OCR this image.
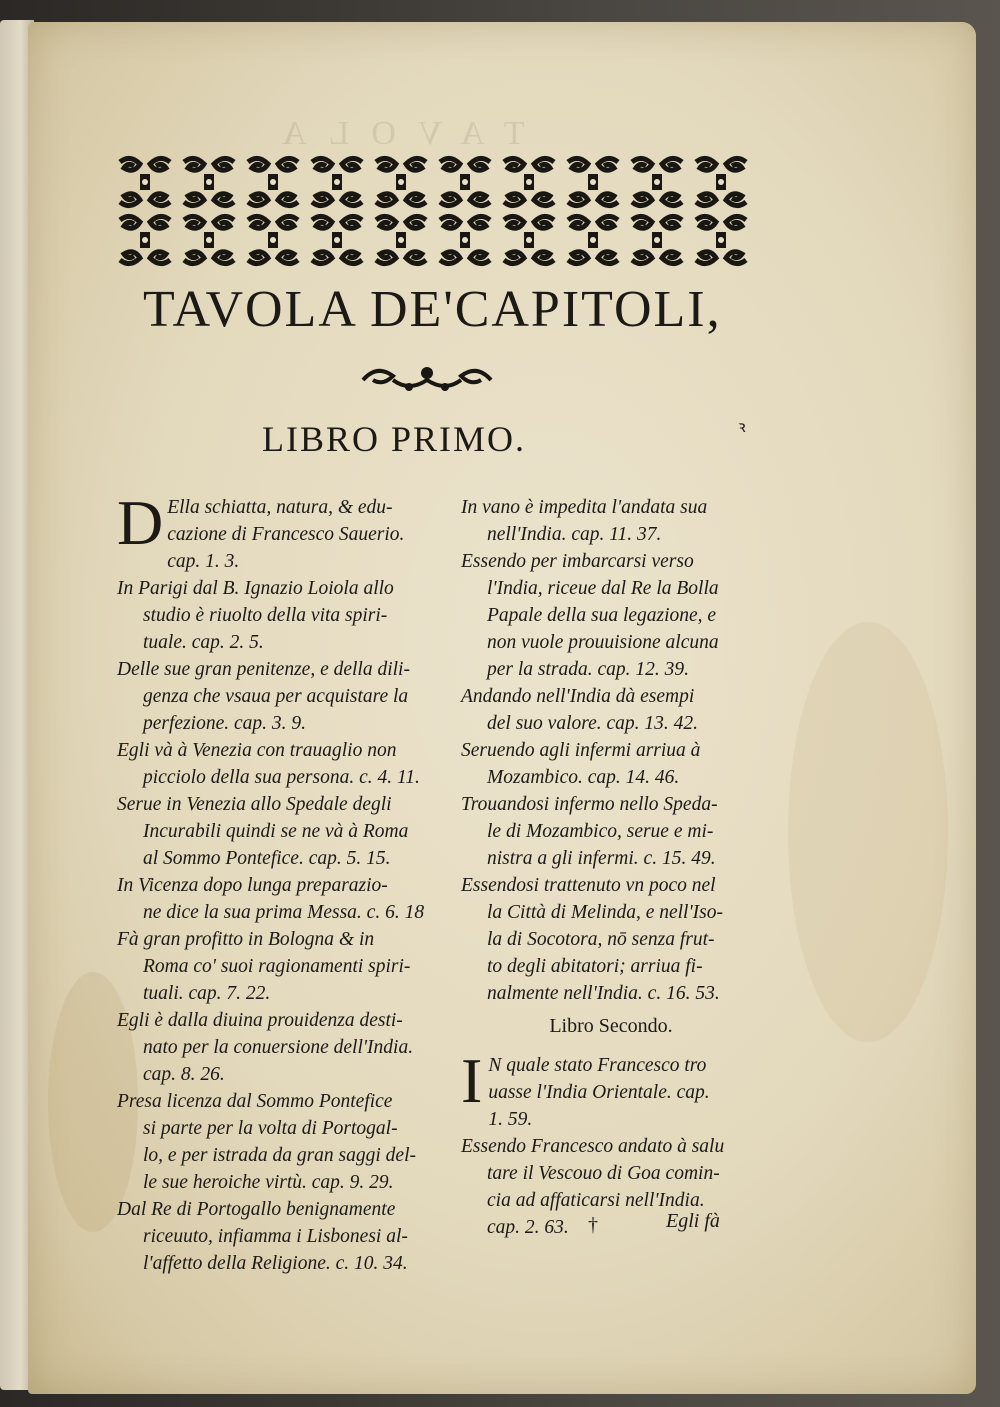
TAVOLA
TAVOLA DE'CAPITOLI,
LIBRO PRIMO.	ꝛ
D Ella schiatta, natura, & edu-
cazione di Francesco Sauerio.
cap. 1. 3.
In Parigi dal B. Ignazio Loiola allo
studio è riuolto della vita spiri-
tuale. cap. 2. 5.
Delle sue gran penitenze, e della dili-
genza che vsaua per acquistare la
perfezione. cap. 3. 9.
Egli và à Venezia con trauaglio non
picciolo della sua persona. c. 4. 11.
Serue in Venezia allo Spedale degli
Incurabili quindi se ne và à Roma
al Sommo Pontefice. cap. 5. 15.
In Vicenza dopo lunga preparazio-
ne dice la sua prima Messa. c. 6. 18
Fà gran profitto in Bologna & in
Roma co' suoi ragionamenti spiri-
tuali. cap. 7. 22.
Egli è dalla diuina prouidenza desti-
nato per la conuersione dell'India.
cap. 8. 26.
Presa licenza dal Sommo Pontefice
si parte per la volta di Portogal-
lo, e per istrada da gran saggi del-
le sue heroiche virtù. cap. 9. 29.
Dal Re di Portogallo benignamente
riceuuto, infiamma i Lisbonesi al-
l'affetto della Religione. c. 10. 34.
In vano è impedita l'andata sua
nell'India. cap. 11. 37.
Essendo per imbarcarsi verso
l'India, riceue dal Re la Bolla
Papale della sua legazione, e
non vuole prouuisione alcuna
per la strada. cap. 12. 39.
Andando nell'India dà esempi
del suo valore. cap. 13. 42.
Seruendo agli infermi arriua à
Mozambico. cap. 14. 46.
Trouandosi infermo nello Speda-
le di Mozambico, serue e mi-
nistra a gli infermi. c. 15. 49.
Essendosi trattenuto vn poco nel
la Città di Melinda, e nell'Iso-
la di Socotora, nō senza frut-
to degli abitatori; arriua fi-
nalmente nell'India. c. 16. 53.
Libro Secondo.
I N quale stato Francesco tro
uasse l'India Orientale. cap.
1. 59.
Essendo Francesco andato à salu
tare il Vescouo di Goa comin-
cia ad affaticarsi nell'India.
cap. 2. 63. †	Egli fà
